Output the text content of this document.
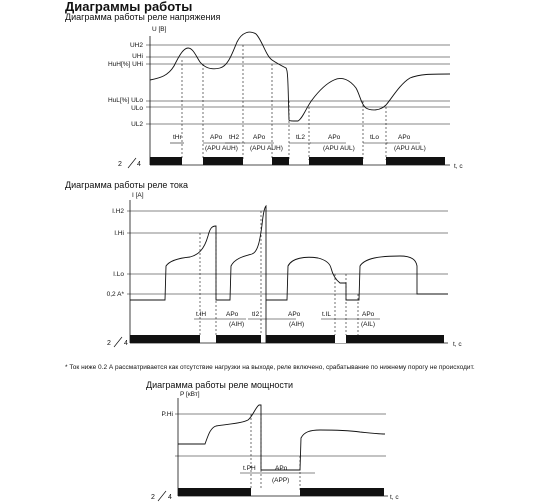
Диаграммы работы
Диаграмма работы реле напряжения
Диаграмма работы реле тока
Диаграмма работы реле мощности
* Ток ниже 0.2 А рассматривается как отсутствие нагрузки на выходе, реле включено, срабатывание по нижнему порогу не происходит.
U [В]
t, с
UH2
UHi
HuH[%] UHi
HuL[%] ULo
ULo
UL2
tHr	APo
(APU AUH)
tH2 APo
(APU AUH)
tL2	APo
(APU AUL)
tLo	APo
(APU AUL)
2 4
I [A]
t, с
I.H2
I.Hi
I.Lo
0,2 A*
t.IH	APo
(AIH)
tI2	APo
(AIH)
t.IL	APo
(AIL)
2 4
P [кВт]
t, с
P.Hi
t.PH	APo
(APP)
2 4
